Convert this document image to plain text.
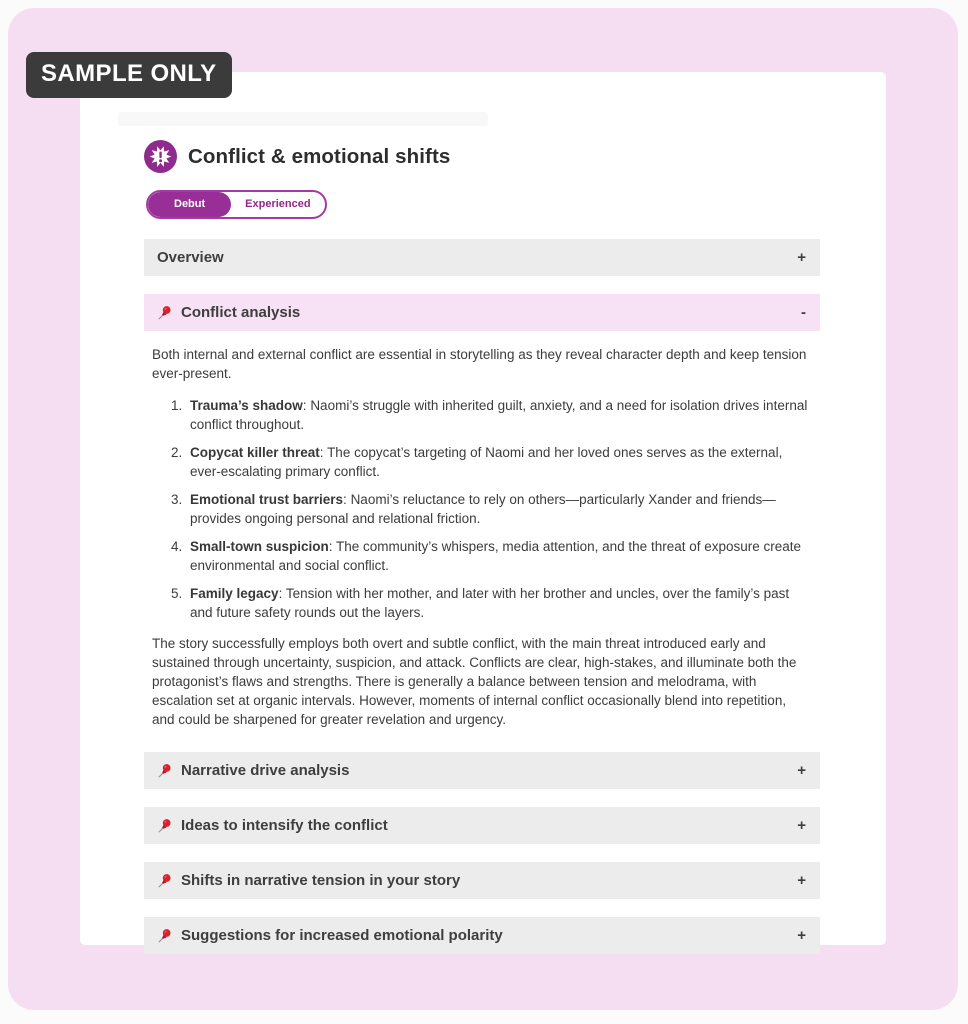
Conflict & emotional shifts
Debut	Experienced
Overview	+
Conflict analysis	-

Both internal and external conflict are essential in storytelling as they reveal character depth and keep tension ever-present.

1. Trauma’s shadow: Naomi’s struggle with inherited guilt, anxiety, and a need for isolation drives internal conflict throughout.
2. Copycat killer threat: The copycat’s targeting of Naomi and her loved ones serves as the external, ever-escalating primary conflict.
3. Emotional trust barriers: Naomi’s reluctance to rely on others—particularly Xander and friends—provides ongoing personal and relational friction.
4. Small-town suspicion: The community’s whispers, media attention, and the threat of exposure create environmental and social conflict.
5. Family legacy: Tension with her mother, and later with her brother and uncles, over the family’s past and future safety rounds out the layers.

The story successfully employs both overt and subtle conflict, with the main threat introduced early and sustained through uncertainty, suspicion, and attack. Conflicts are clear, high-stakes, and illuminate both the protagonist’s flaws and strengths. There is generally a balance between tension and melodrama, with escalation set at organic intervals. However, moments of internal conflict occasionally blend into repetition, and could be sharpened for greater revelation and urgency.

Narrative drive analysis	+
Ideas to intensify the conflict	+
Shifts in narrative tension in your story	+
Suggestions for increased emotional polarity	+
SAMPLE ONLY
